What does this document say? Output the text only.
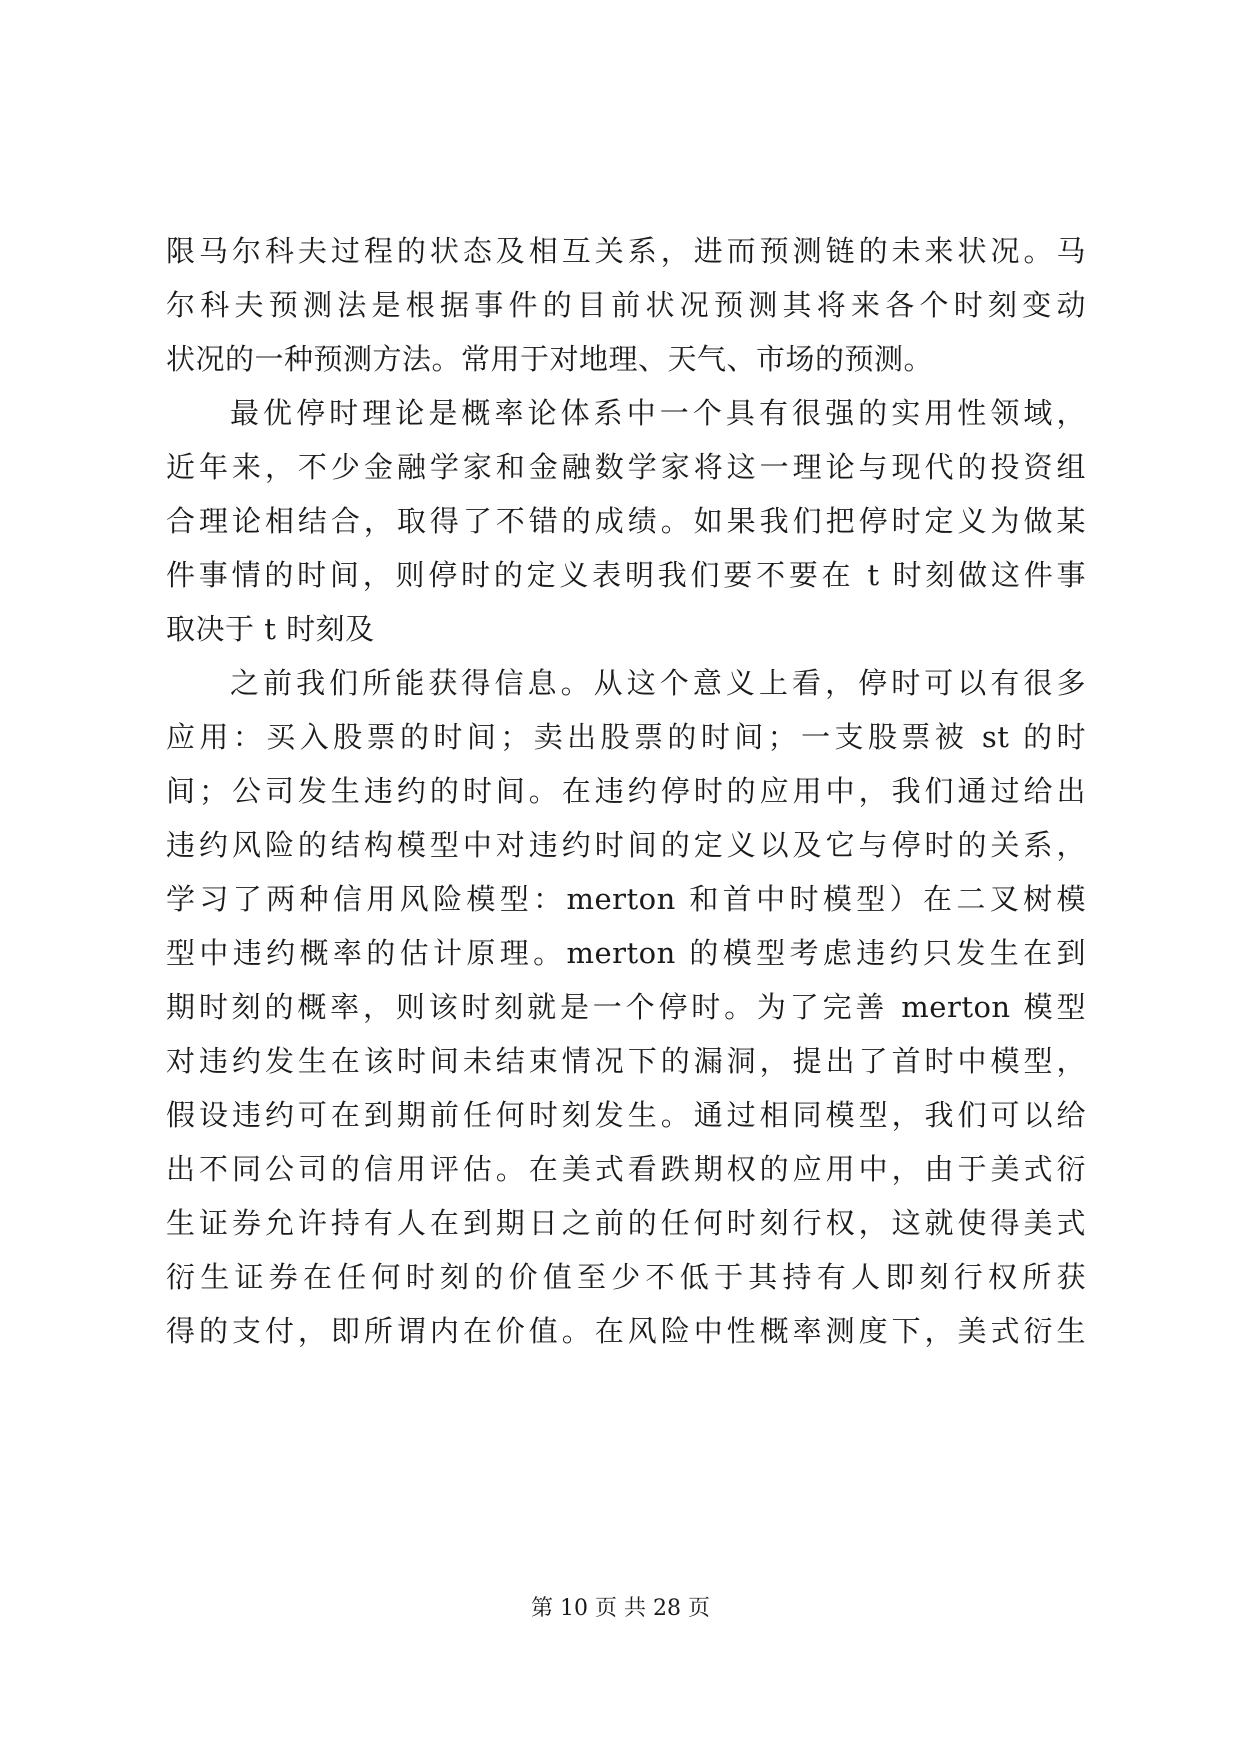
限马尔科夫过程的状态及相互关系，进而预测链的未来状况。马
尔科夫预测法是根据事件的目前状况预测其将来各个时刻变动
状况的一种预测方法。常用于对地理、天气、市场的预测。
最优停时理论是概率论体系中一个具有很强的实用性领域，
近年来，不少金融学家和金融数学家将这一理论与现代的投资组
合理论相结合，取得了不错的成绩。如果我们把停时定义为做某
件事情的时间，则停时的定义表明我们要不要在 t 时刻做这件事
取决于 t 时刻及
之前我们所能获得信息。从这个意义上看，停时可以有很多
应用：买入股票的时间；卖出股票的时间；一支股票被 st 的时
间；公司发生违约的时间。在违约停时的应用中，我们通过给出
违约风险的结构模型中对违约时间的定义以及它与停时的关系，
学习了两种信用风险模型：merton 和首中时模型）在二叉树模
型中违约概率的估计原理。merton 的模型考虑违约只发生在到
期时刻的概率，则该时刻就是一个停时。为了完善 merton 模型
对违约发生在该时间未结束情况下的漏洞，提出了首时中模型，
假设违约可在到期前任何时刻发生。通过相同模型，我们可以给
出不同公司的信用评估。在美式看跌期权的应用中，由于美式衍
生证券允许持有人在到期日之前的任何时刻行权，这就使得美式
衍生证券在任何时刻的价值至少不低于其持有人即刻行权所获
得的支付，即所谓内在价值。在风险中性概率测度下，美式衍生
第 10 页 共 28 页
